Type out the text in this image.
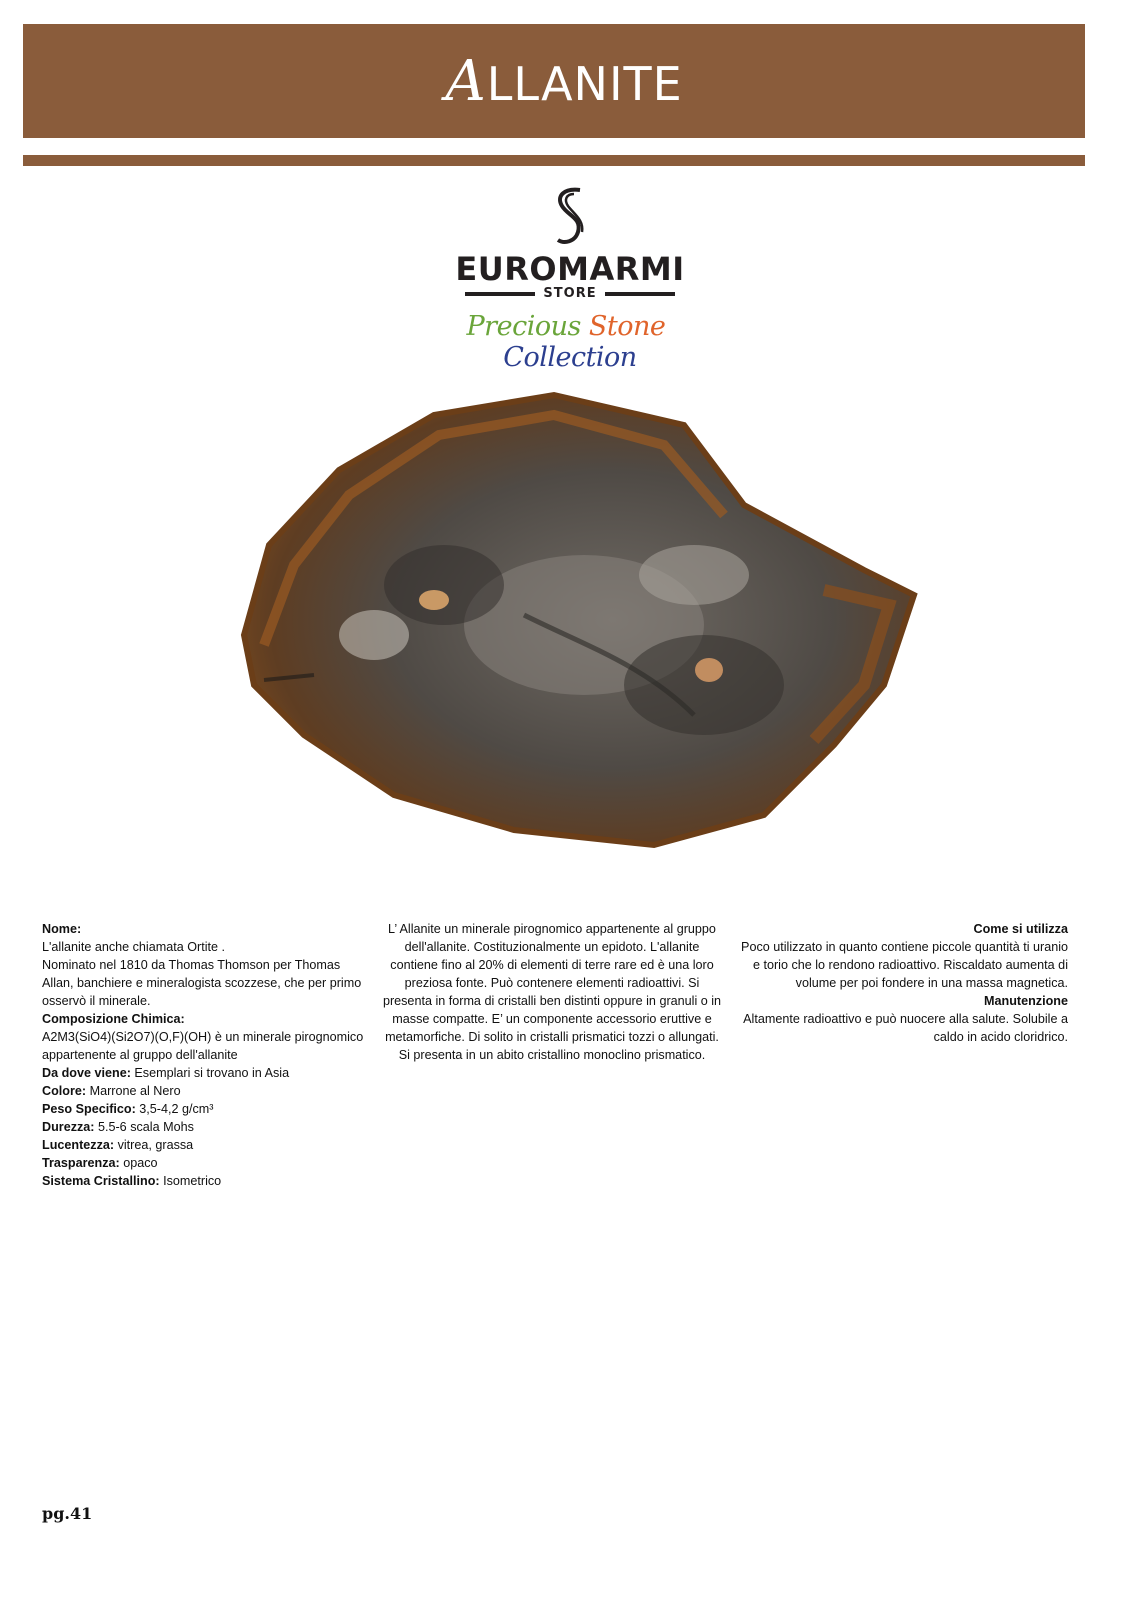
ALLANITE
EUROMARMI
STORE
Precious Stone Collection

Nome:

L'allanite anche chiamata Ortite .

Nominato nel 1810 da Thomas Thomson per Thomas Allan, banchiere e mineralogista scozzese, che per primo osservò il minerale.

Composizione Chimica:

A2M3(SiO4)(Si2O7)(O,F)(OH) è un minerale pirognomico appartenente al gruppo dell'allanite

Da dove viene: Esemplari si trovano in Asia

Colore: Marrone al Nero

Peso Specifico: 3,5-4,2 g/cm³

Durezza: 5.5-6 scala Mohs

Lucentezza: vitrea, grassa

Trasparenza: opaco

Sistema Cristallino: Isometrico

L’ Allanite un minerale pirognomico appartenente al gruppo dell'allanite. Costituzionalmente un epidoto. L'allanite contiene fino al 20% di elementi di terre rare ed è una loro preziosa fonte. Può contenere elementi radioattivi. Si presenta in forma di cristalli ben distinti oppure in granuli o in masse compatte. E’ un componente accessorio eruttive e metamorfiche. Di solito in cristalli prismatici tozzi o allungati. Si presenta in un abito cristallino monoclino prismatico.

Come si utilizza

Poco utilizzato in quanto contiene piccole quantità ti uranio e torio che lo rendono radioattivo. Riscaldato aumenta di volume per poi fondere in una massa magnetica.

Manutenzione

Altamente radioattivo e può nuocere alla salute. Solubile a caldo in acido cloridrico.

pg.41
